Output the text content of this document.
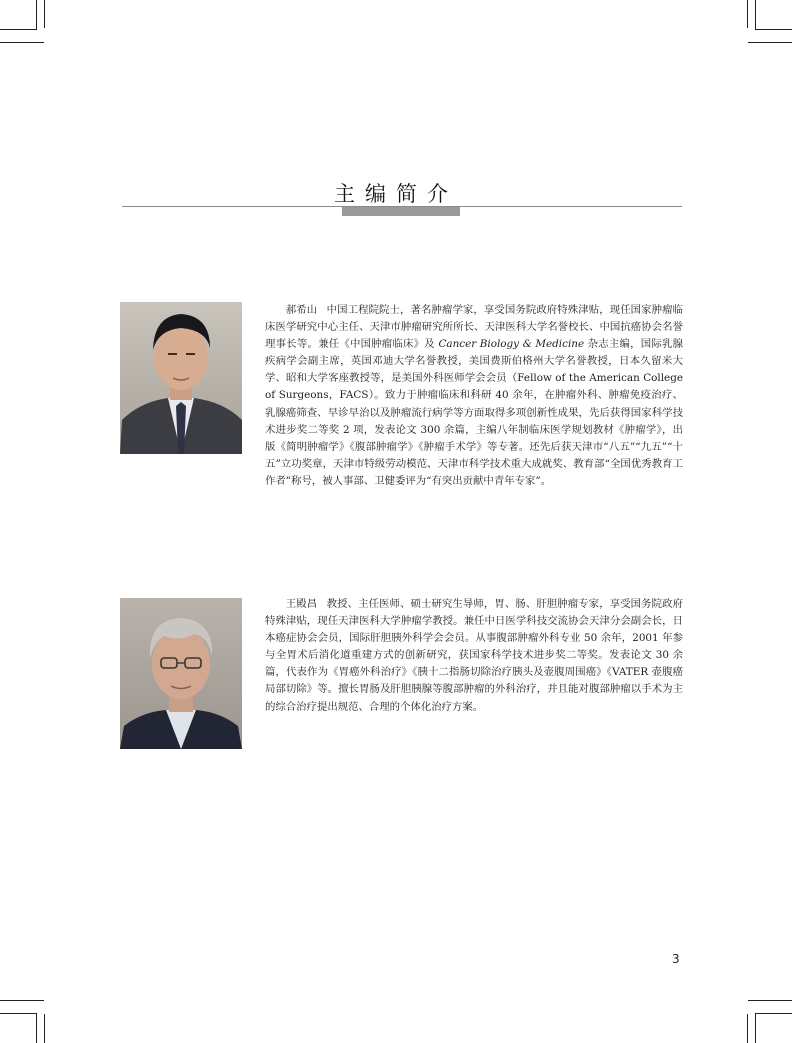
主编简介
郝希山 中国工程院院士，著名肿瘤学家，享受国务院政府特殊津贴，现任国家肿瘤临床医学研究中心主任、天津市肿瘤研究所所长、天津医科大学名誉校长、中国抗癌协会名誉理事长等。兼任《中国肿瘤临床》及 Cancer Biology & Medicine 杂志主编，国际乳腺疾病学会副主席，英国邓迪大学名誉教授，美国费斯伯格州大学名誉教授，日本久留米大学、昭和大学客座教授等，是美国外科医师学会会员（Fellow of the American College of Surgeons，FACS）。致力于肿瘤临床和科研 40 余年，在肿瘤外科、肿瘤免疫治疗、乳腺癌筛查、早诊早治以及肿瘤流行病学等方面取得多项创新性成果，先后获得国家科学技术进步奖二等奖 2 项，发表论文 300 余篇，主编八年制临床医学规划教材《肿瘤学》，出版《简明肿瘤学》《腹部肿瘤学》《肿瘤手术学》等专著。还先后获天津市“八五”“九五”“十五”立功奖章，天津市特级劳动模范、天津市科学技术重大成就奖、教育部“全国优秀教育工作者”称号，被人事部、卫健委评为“有突出贡献中青年专家”。
王殿昌 教授、主任医师、硕士研究生导师，胃、肠、肝胆肿瘤专家，享受国务院政府特殊津贴，现任天津医科大学肿瘤学教授。兼任中日医学科技交流协会天津分会副会长，日本癌症协会会员，国际肝胆胰外科学会会员。从事腹部肿瘤外科专业 50 余年，2001 年参与全胃术后消化道重建方式的创新研究，获国家科学技术进步奖二等奖。发表论文 30 余篇，代表作为《胃癌外科治疗》《胰十二指肠切除治疗胰头及壶腹周围癌》《VATER 壶腹癌局部切除》等。擅长胃肠及肝胆胰腺等腹部肿瘤的外科治疗，并且能对腹部肿瘤以手术为主的综合治疗提出规范、合理的个体化治疗方案。
3
